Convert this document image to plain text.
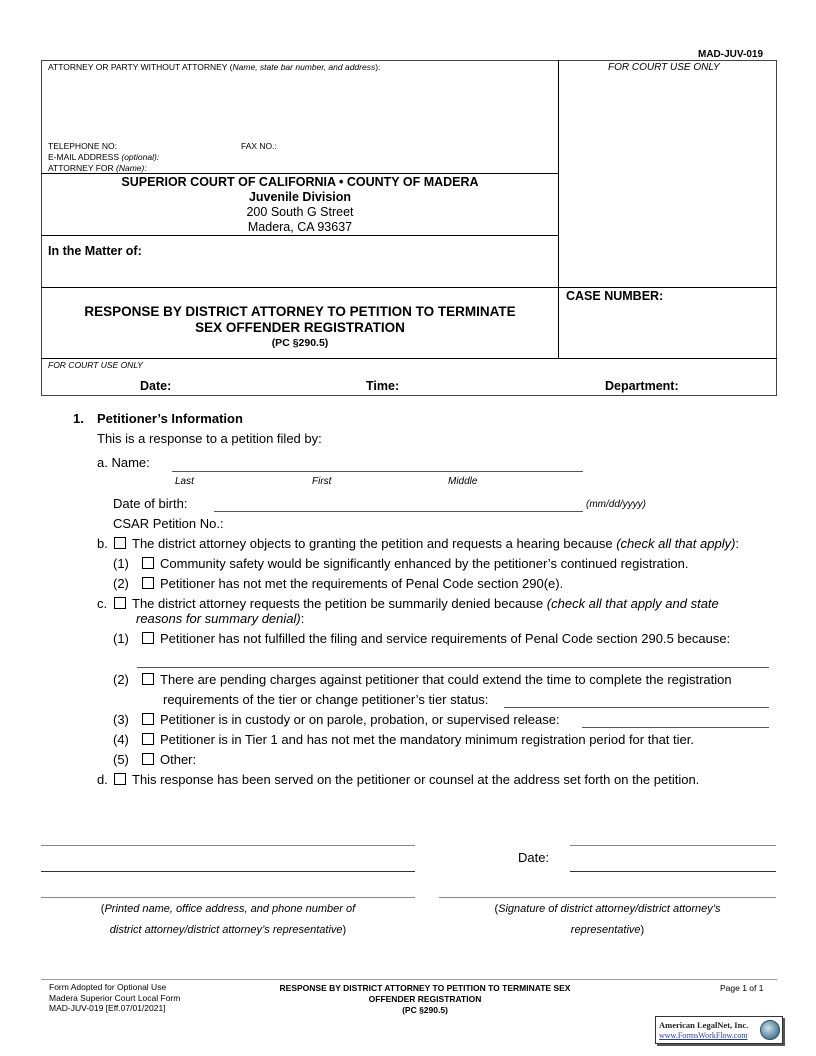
MAD-JUV-019
ATTORNEY OR PARTY WITHOUT ATTORNEY (Name, state bar number, and address):	FOR COURT USE ONLY
TELEPHONE NO:	FAX NO.:
E-MAIL ADDRESS (optional):
ATTORNEY FOR (Name):
SUPERIOR COURT OF CALIFORNIA • COUNTY OF MADERA
Juvenile Division
200 South G Street
Madera, CA 93637
In the Matter of:
CASE NUMBER:
RESPONSE BY DISTRICT ATTORNEY TO PETITION TO TERMINATE
SEX OFFENDER REGISTRATION
(PC §290.5)
FOR COURT USE ONLY
Date:	Time:	Department:
1. Petitioner’s Information
This is a response to a petition filed by:
a. Name:
Last	First	Middle
Date of birth:	(mm/dd/yyyy)
CSAR Petition No.:
b. The district attorney objects to granting the petition and requests a hearing because (check all that apply):
(1) Community safety would be significantly enhanced by the petitioner’s continued registration.
(2) Petitioner has not met the requirements of Penal Code section 290(e).
c. The district attorney requests the petition be summarily denied because (check all that apply and state
reasons for summary denial):
(1) Petitioner has not fulfilled the filing and service requirements of Penal Code section 290.5 because:
(2) There are pending charges against petitioner that could extend the time to complete the registration
requirements of the tier or change petitioner’s tier status:
(3) Petitioner is in custody or on parole, probation, or supervised release:
(4) Petitioner is in Tier 1 and has not met the mandatory minimum registration period for that tier.
(5) Other:
d. This response has been served on the petitioner or counsel at the address set forth on the petition.
Date:
(Printed name, office address, and phone number of
district attorney/district attorney’s representative)
(Signature of district attorney/district attorney’s
representative)
Form Adopted for Optional Use
Madera Superior Court Local Form
MAD-JUV-019 [Eff.07/01/2021]
RESPONSE BY DISTRICT ATTORNEY TO PETITION TO TERMINATE SEX
OFFENDER REGISTRATION
(PC §290.5)
Page 1 of 1
American LegalNet, Inc.
www.FormsWorkFlow.com
